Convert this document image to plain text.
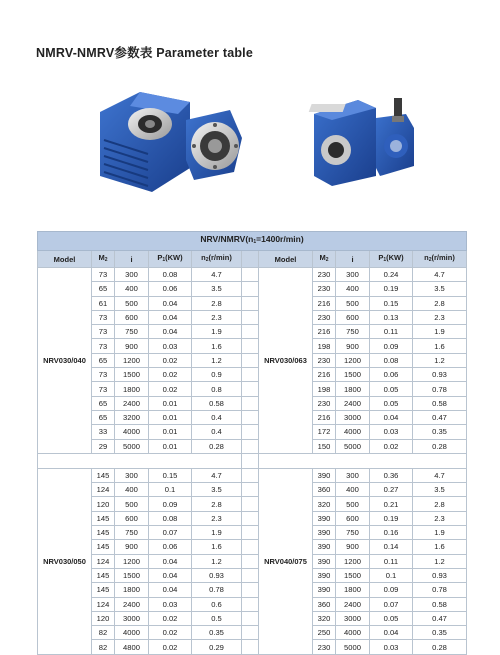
NMRV-NMRV参数表 Parameter table
NRV/$NMRV(n_1=1400r/\min)$										
Model	$M_2$	i	$P_1(KW)$	$n_2(r/\min)$		Model	$M_2$	i	$P_1(KW)$	$n_2(r/\min)$
NRV030/040	73	300	0.08	4.7		NRV030/063	230	300	0.24	4.7
	65	400	0.06	3.5			230	400	0.19	3.5
	61	500	0.04	2.8			216	500	0.15	2.8
	73	600	0.04	2.3			230	600	0.13	2.3
	73	750	0.04	1.9			216	750	0.11	1.9
	73	900	0.03	1.6			198	900	0.09	1.6
	65	1200	0.02	1.2			230	1200	0.08	1.2
	73	1500	0.02	0.9			216	1500	0.06	0.93
	73	1800	0.02	0.8			198	1800	0.05	0.78
	65	2400	0.01	0.58			230	2400	0.05	0.58
	65	3200	0.01	0.4			216	3000	0.04	0.47
	33	4000	0.01	0.4			172	4000	0.03	0.35
	29	5000	0.01	0.28			150	5000	0.02	0.28

NRV030/050	145	300	0.15	4.7		NRV040/075	390	300	0.36	4.7
	124	400	0.1	3.5			360	400	0.27	3.5
	120	500	0.09	2.8			320	500	0.21	2.8
	145	600	0.08	2.3			390	600	0.19	2.3
	145	750	0.07	1.9			390	750	0.16	1.9
	145	900	0.06	1.6			390	900	0.14	1.6
	124	1200	0.04	1.2			390	1200	0.11	1.2
	145	1500	0.04	0.93			390	1500	0.1	0.93
	145	1800	0.04	0.78			390	1800	0.09	0.78
	124	2400	0.03	0.6			360	2400	0.07	0.58
	120	3000	0.02	0.5			320	3000	0.05	0.47
	82	4000	0.02	0.35			250	4000	0.04	0.35
	82	4800	0.02	0.29			230	5000	0.03	0.28
